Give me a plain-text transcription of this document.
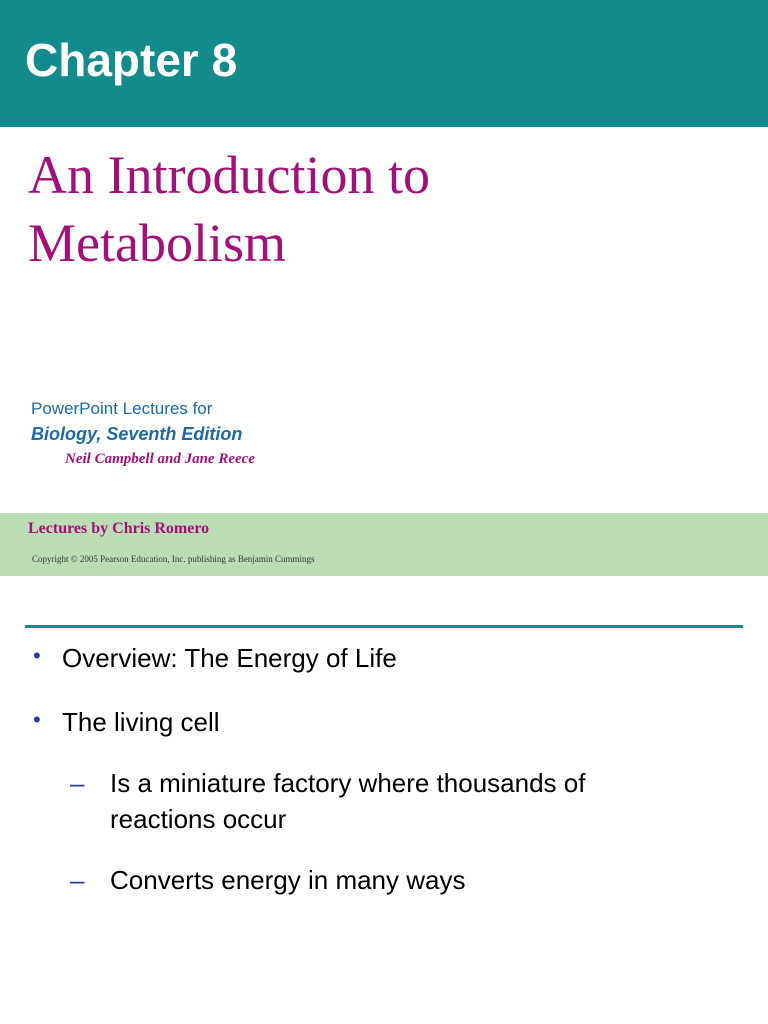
Chapter 8
An Introduction to
Metabolism
PowerPoint Lectures for
Biology, Seventh Edition
Neil Campbell and Jane Reece
Lectures by Chris Romero
Copyright © 2005 Pearson Education, Inc. publishing as Benjamin Cummings
• Overview: The Energy of Life
• The living cell
– Is a miniature factory where thousands of reactions occur
– Converts energy in many ways
